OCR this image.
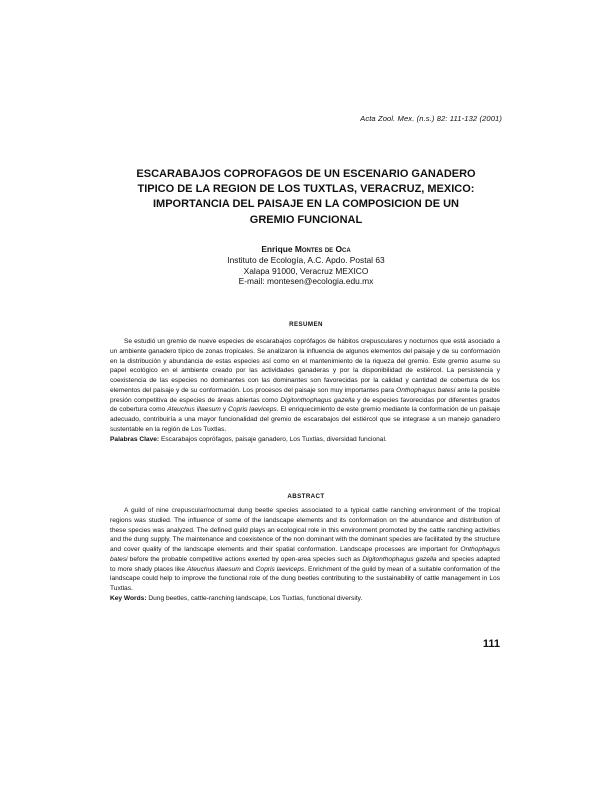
Acta Zool. Mex. (n.s.) 82: 111-132 (2001)
ESCARABAJOS COPROFAGOS DE UN ESCENARIO GANADERO
TIPICO DE LA REGION DE LOS TUXTLAS, VERACRUZ, MEXICO:
IMPORTANCIA DEL PAISAJE EN LA COMPOSICION DE UN
GREMIO FUNCIONAL
Enrique Montes de Oca
Instituto de Ecología, A.C. Apdo. Postal 63
Xalapa 91000, Veracruz MEXICO
E-mail: montesen@ecologia.edu.mx
RESUMEN

Se estudió un gremio de nueve especies de escarabajos coprófagos de hábitos crepusculares y nocturnos que está asociado a un ambiente ganadero típico de zonas tropicales. Se analizaron la influencia de algunos elementos del paisaje y de su conformación en la distribución y abundancia de estas especies así como en el mantenimiento de la riqueza del gremio. Este gremio asume su papel ecológico en el ambiente creado por las actividades ganaderas y por la disponibilidad de estiércol. La persistencia y coexistencia de las especies no dominantes con las dominantes son favorecidas por la calidad y cantidad de cobertura de los elementos del paisaje y de su conformación. Los procesos del paisaje son muy importantes para Onthophagus batesi ante la posible presión competitiva de especies de áreas abiertas como Digitonthophagus gazella y de especies favorecidas por diferentes grados de cobertura como Ateuchus illaesum y Copris laeviceps. El enriquecimiento de este gremio mediante la conformación de un paisaje adecuado, contribuiría a una mayor funcionalidad del gremio de escarabajos del estiércol que se integrase a un manejo ganadero sustentable en la región de Los Tuxtlas.

Palabras Clave: Escarabajos coprófagos, paisaje ganadero, Los Tuxtlas, diversidad funcional.

ABSTRACT

A guild of nine crepuscular/nocturnal dung beetle species associated to a typical cattle ranching environment of the tropical regions was studied. The influence of some of the landscape elements and its conformation on the abundance and distribution of these species was analyzed. The defined guild plays an ecological role in this environment promoted by the cattle ranching activities and the dung supply. The maintenance and coexistence of the non dominant with the dominant species are facilitated by the structure and cover quality of the landscape elements and their spatial conformation. Landscape processes are important for Onthophagus batesi before the probable competitive actions exerted by open-area species such as Digitonthophagus gazella and species adapted to more shady places like Ateuchus illaesum and Copris laeviceps. Enrichment of the guild by mean of a suitable conformation of the landscape could help to improve the functional role of the dung beetles contributing to the sustainability of cattle management in Los Tuxtlas.

Key Words: Dung beetles, cattle-ranching landscape, Los Tuxtlas, functional diversity.

111
